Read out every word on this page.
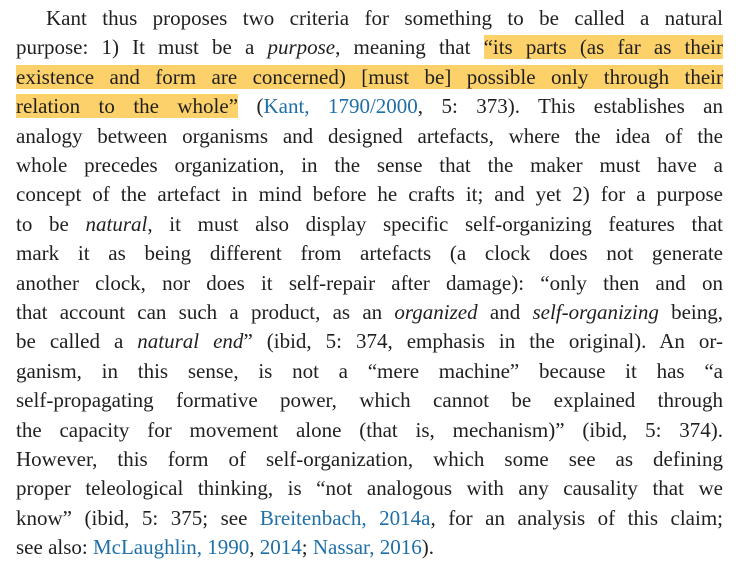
Kant thus proposes two criteria for something to be called a natural
purpose: 1) It must be a purpose, meaning that “its parts (as far as their
existence and form are concerned) [must be] possible only through their
relation to the whole” (Kant, 1790/2000, 5: 373). This establishes an
analogy between organisms and designed artefacts, where the idea of the
whole precedes organization, in the sense that the maker must have a
concept of the artefact in mind before he crafts it; and yet 2) for a purpose
to be natural, it must also display specific self-organizing features that
mark it as being different from artefacts (a clock does not generate
another clock, nor does it self-repair after damage): “only then and on
that account can such a product, as an organized and self-organizing being,
be called a natural end” (ibid, 5: 374, emphasis in the original). An or-
ganism, in this sense, is not a “mere machine” because it has “a
self-propagating formative power, which cannot be explained through
the capacity for movement alone (that is, mechanism)” (ibid, 5: 374).
However, this form of self-organization, which some see as defining
proper teleological thinking, is “not analogous with any causality that we
know” (ibid, 5: 375; see Breitenbach, 2014a, for an analysis of this claim;
see also: McLaughlin, 1990, 2014; Nassar, 2016).
